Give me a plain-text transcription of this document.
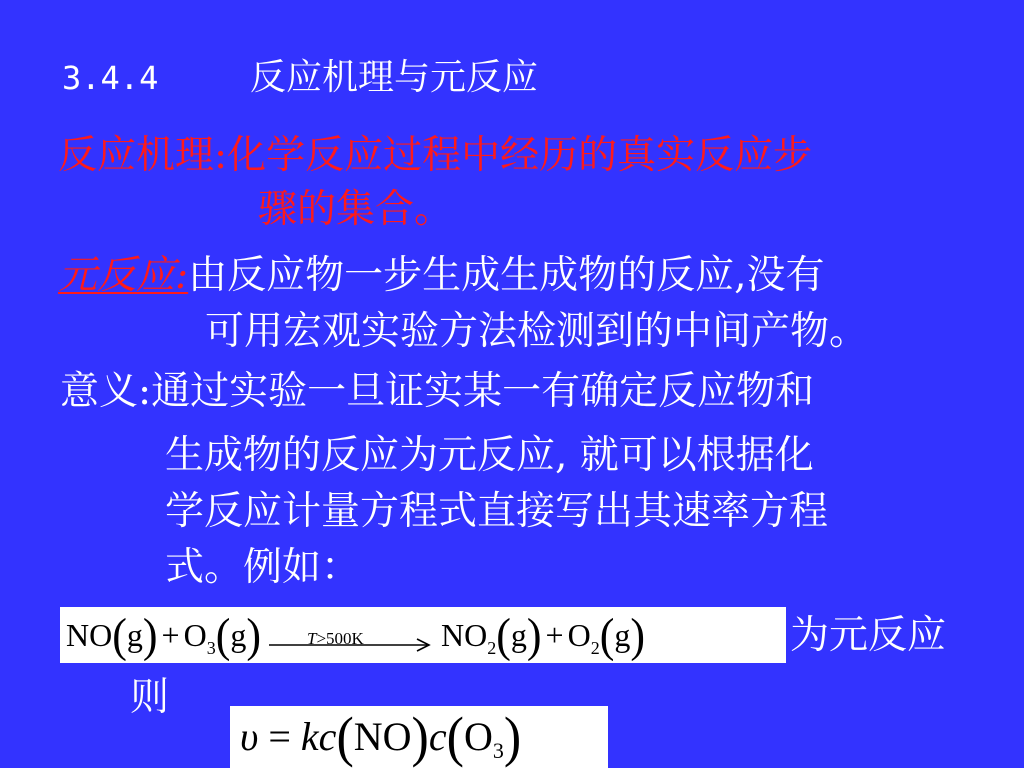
3.4.4	反应机理与元反应
反应机理:化学反应过程中经历的真实反应步
骤的集合。
元反应:由反应物一步生成生成物的反应,没有
可用宏观实验方法检测到的中间产物。
意义:通过实验一旦证实某一有确定反应物和
生成物的反应为元反应, 就可以根据化
学反应计量方程式直接写出其速率方程
式。例如：
$NO(g) + O_3(g)$	T>500K $NO_2(g) + O_2(g)$	为元反应
则
$\upsilon = kc(NO)c(O_3)$
